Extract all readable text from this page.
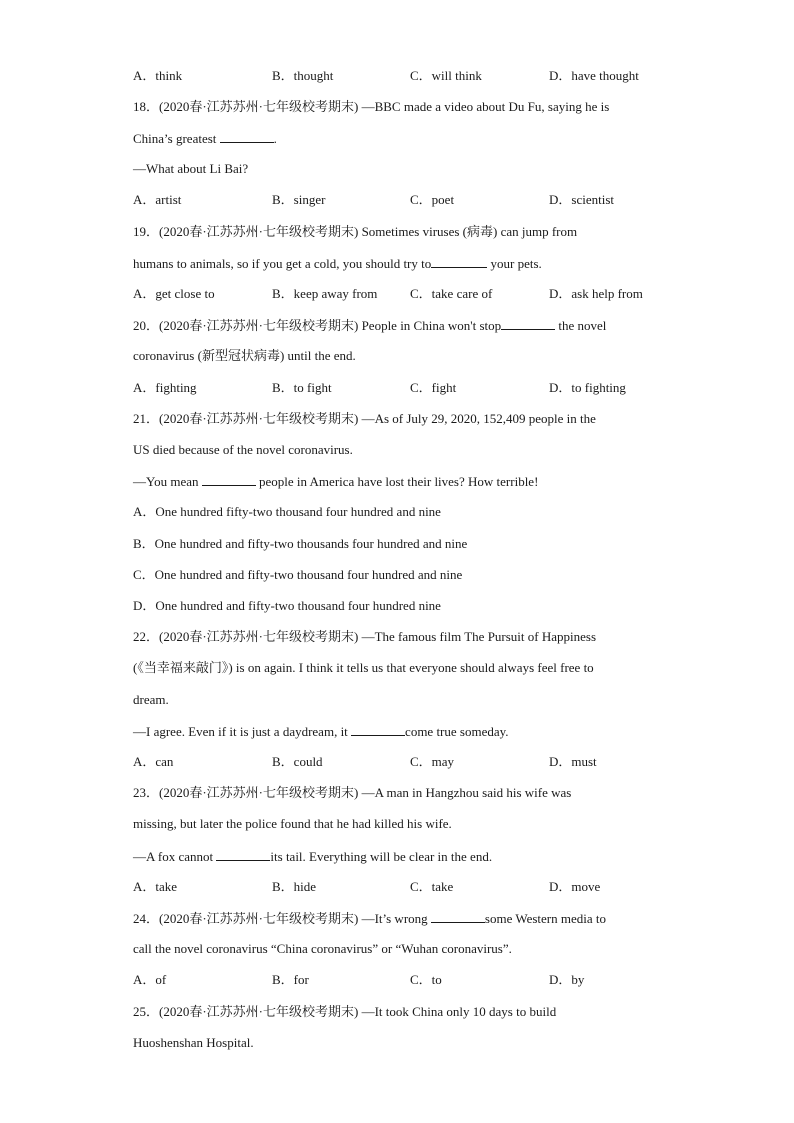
A．think	B．thought	C．will think	D．have thought
18．(2020春·江苏苏州·七年级校考期末) —BBC made a video about Du Fu, saying he is
China’s greatest	.
—What about Li Bai?
A．artist	B．singer	C．poet	D．scientist
19．(2020春·江苏苏州·七年级校考期末) Sometimes viruses (病毒) can jump from
humans to animals, so if you get a cold, you should try to	your pets.
A．get close to	B．keep away from	C．take care of	D．ask help from
20．(2020春·江苏苏州·七年级校考期末) People in China won't stop	the novel
coronavirus (新型冠状病毒) until the end.
A．fighting	B．to fight	C．fight	D．to fighting
21．(2020春·江苏苏州·七年级校考期末) —As of July 29, 2020, 152,409 people in the
US died because of the novel coronavirus.
—You mean	people in America have lost their lives? How terrible!
A．One hundred fifty-two thousand four hundred and nine
B．One hundred and fifty-two thousands four hundred and nine
C．One hundred and fifty-two thousand four hundred and nine
D．One hundred and fifty-two thousand four hundred nine
22．(2020春·江苏苏州·七年级校考期末) —The famous film The Pursuit of Happiness
(《当幸福来敲门》) is on again. I think it tells us that everyone should always feel free to
dream.
—I agree. Even if it is just a daydream, it	come true someday.
A．can	B．could	C．may	D．must
23．(2020春·江苏苏州·七年级校考期末) —A man in Hangzhou said his wife was
missing, but later the police found that he had killed his wife.
—A fox cannot	its tail. Everything will be clear in the end.
A．take	B．hide	C．take	D．move
24．(2020春·江苏苏州·七年级校考期末) —It’s wrong	some Western media to
call the novel coronavirus “China coronavirus” or “Wuhan coronavirus”.
A．of	B．for	C．to	D．by
25．(2020春·江苏苏州·七年级校考期末) —It took China only 10 days to build
Huoshenshan Hospital.
